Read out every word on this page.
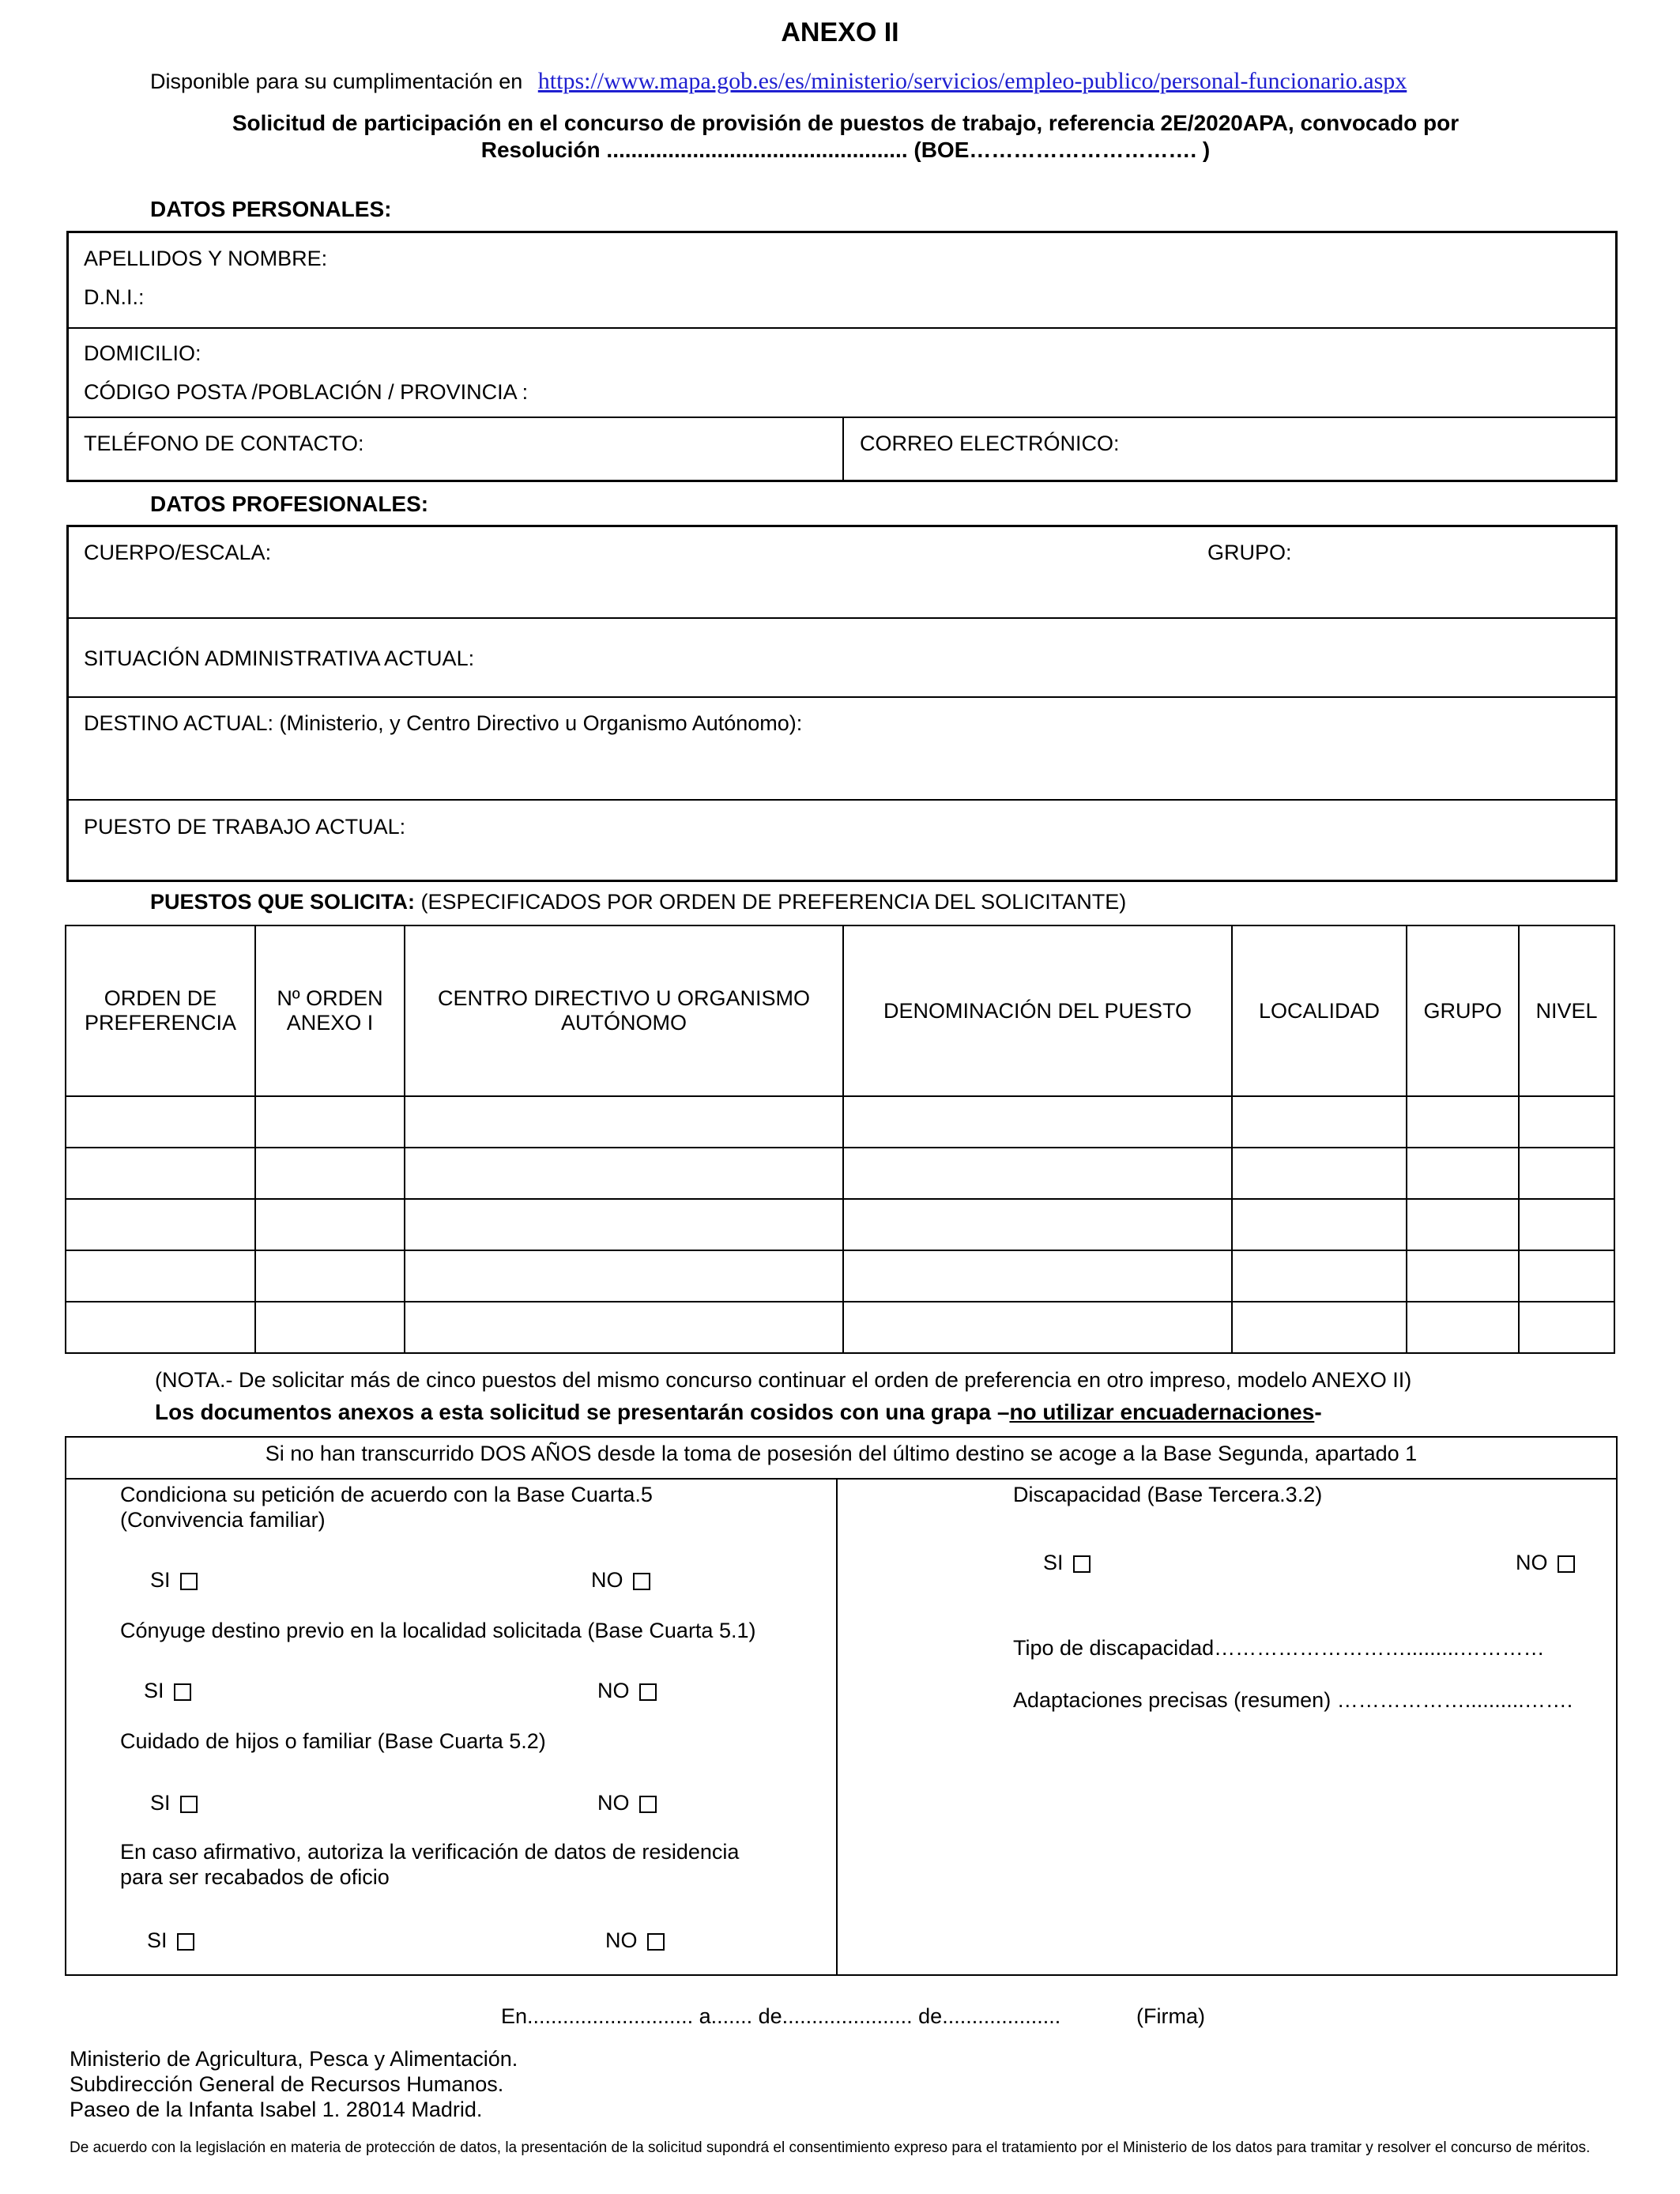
ANEXO II
Disponible para su cumplimentación en https://www.mapa.gob.es/es/ministerio/servicios/empleo-publico/personal-funcionario.aspx
Solicitud de participación en el concurso de provisión de puestos de trabajo, referencia 2E/2020APA, convocado por
Resolución ................................................. (BOE…………………………. )
DATOS PERSONALES:
APELLIDOS Y NOMBRE:
D.N.I.:
DOMICILIO:
CÓDIGO POSTA /POBLACIÓN / PROVINCIA :
TELÉFONO DE CONTACTO:	CORREO ELECTRÓNICO:
DATOS PROFESIONALES:
CUERPO/ESCALA:	GRUPO:
SITUACIÓN ADMINISTRATIVA ACTUAL:
DESTINO ACTUAL: (Ministerio, y Centro Directivo u Organismo Autónomo):
PUESTO DE TRABAJO ACTUAL:
PUESTOS QUE SOLICITA: (ESPECIFICADOS POR ORDEN DE PREFERENCIA DEL SOLICITANTE)
ORDEN DE PREFERENCIA	Nº ORDEN ANEXO I	CENTRO DIRECTIVO U ORGANISMO AUTÓNOMO	DENOMINACIÓN DEL PUESTO	LOCALIDAD	GRUPO	NIVEL

(NOTA.- De solicitar más de cinco puestos del mismo concurso continuar el orden de preferencia en otro impreso, modelo ANEXO II)
Los documentos anexos a esta solicitud se presentarán cosidos con una grapa –no utilizar encuadernaciones-
Si no han transcurrido DOS AÑOS desde la toma de posesión del último destino se acoge a la Base Segunda, apartado 1
Condiciona su petición de acuerdo con la Base Cuarta.5
(Convivencia familiar)
SI	NO
Cónyuge destino previo en la localidad solicitada (Base Cuarta 5.1)
SI	NO
Cuidado de hijos o familiar (Base Cuarta 5.2)
SI	NO
En caso afirmativo, autoriza la verificación de datos de residencia
para ser recabados de oficio
SI	NO
Discapacidad (Base Tercera.3.2)
SI	NO
Tipo de discapacidad……………………….........…………
Adaptaciones precisas (resumen) ………………..........…….
En............................ a....... de...................... de....................	(Firma)
Ministerio de Agricultura, Pesca y Alimentación.
Subdirección General de Recursos Humanos.
Paseo de la Infanta Isabel 1. 28014 Madrid.
De acuerdo con la legislación en materia de protección de datos, la presentación de la solicitud supondrá el consentimiento expreso para el tratamiento por el Ministerio de los datos para tramitar y resolver el concurso de méritos.
